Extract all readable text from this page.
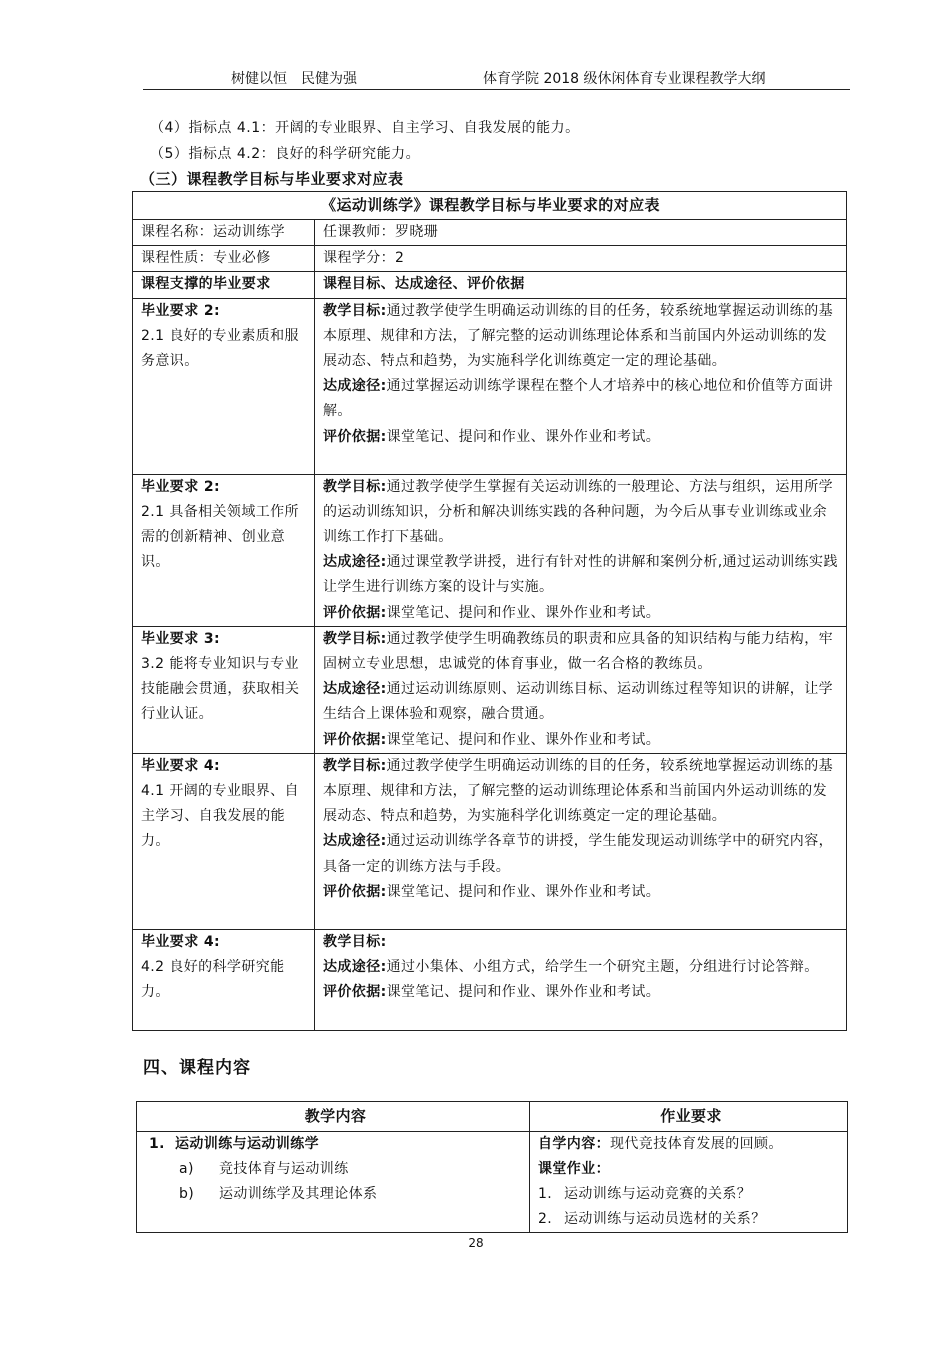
树健以恒　民健为强	体育学院 2018 级休闲体育专业课程教学大纲
（4）指标点 4.1：开阔的专业眼界、自主学习、自我发展的能力。
（5）指标点 4.2：良好的科学研究能力。
（三）课程教学目标与毕业要求对应表
《运动训练学》课程教学目标与毕业要求的对应表	
课程名称：运动训练学	任课教师：罗晓珊
课程性质：专业必修	课程学分：2
课程支撑的毕业要求	课程目标、达成途径、评价依据

毕业要求 2:
2.1 良好的专业素质和服务意识。	教学目标:通过教学使学生明确运动训练的目的任务，较系统地掌握运动训练的基本原理、规律和方法，了解完整的运动训练理论体系和当前国内外运动训练的发展动态、特点和趋势，为实施科学化训练奠定一定的理论基础。
达成途径:通过掌握运动训练学课程在整个人才培养中的核心地位和价值等方面讲解。
评价依据:课堂笔记、提问和作业、课外作业和考试。

毕业要求 2:
2.1 具备相关领域工作所需的创新精神、创业意识。	教学目标:通过教学使学生掌握有关运动训练的一般理论、方法与组织，运用所学的运动训练知识，分析和解决训练实践的各种问题，为今后从事专业训练或业余训练工作打下基础。
达成途径:通过课堂教学讲授，进行有针对性的讲解和案例分析,通过运动训练实践让学生进行训练方案的设计与实施。
评价依据:课堂笔记、提问和作业、课外作业和考试。

毕业要求 3:
3.2 能将专业知识与专业技能融会贯通，获取相关行业认证。	教学目标:通过教学使学生明确教练员的职责和应具备的知识结构与能力结构，牢固树立专业思想，忠诚党的体育事业，做一名合格的教练员。
达成途径:通过运动训练原则、运动训练目标、运动训练过程等知识的讲解，让学生结合上课体验和观察，融合贯通。
评价依据:课堂笔记、提问和作业、课外作业和考试。

毕业要求 4:
4.1 开阔的专业眼界、自主学习、自我发展的能力。	教学目标:通过教学使学生明确运动训练的目的任务，较系统地掌握运动训练的基本原理、规律和方法，了解完整的运动训练理论体系和当前国内外运动训练的发展动态、特点和趋势，为实施科学化训练奠定一定的理论基础。
达成途径:通过运动训练学各章节的讲授，学生能发现运动训练学中的研究内容，具备一定的训练方法与手段。
评价依据:课堂笔记、提问和作业、课外作业和考试。

毕业要求 4:
4.2 良好的科学研究能力。	教学目标:
达成途径:通过小集体、小组方式，给学生一个研究主题，分组进行讨论答辩。
评价依据:课堂笔记、提问和作业、课外作业和考试。
四、课程内容
教学内容	作业要求

1. 运动训练与运动训练学
a) 竞技体育与运动训练
b) 运动训练学及其理论体系	自学内容：现代竞技体育发展的回顾。
课堂作业：
1. 运动训练与运动竞赛的关系？
2. 运动训练与运动员选材的关系？
28
